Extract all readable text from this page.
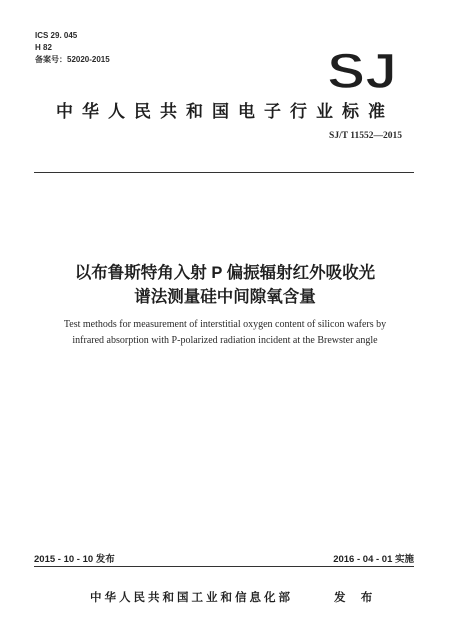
ICS 29. 045
H 82
备案号：52020-2015	SJ
中华人民共和国电子行业标准
SJ/T 11552—2015
以布鲁斯特角入射 P 偏振辐射红外吸收光
谱法测量硅中间隙氧含量
Test methods for measurement of interstitial oxygen content of silicon wafers by
infrared absorption with P-polarized radiation incident at the Brewster angle
2015 - 10 - 10 发布	2016 - 04 - 01 实施
中华人民共和国工业和信息化部	发 布
